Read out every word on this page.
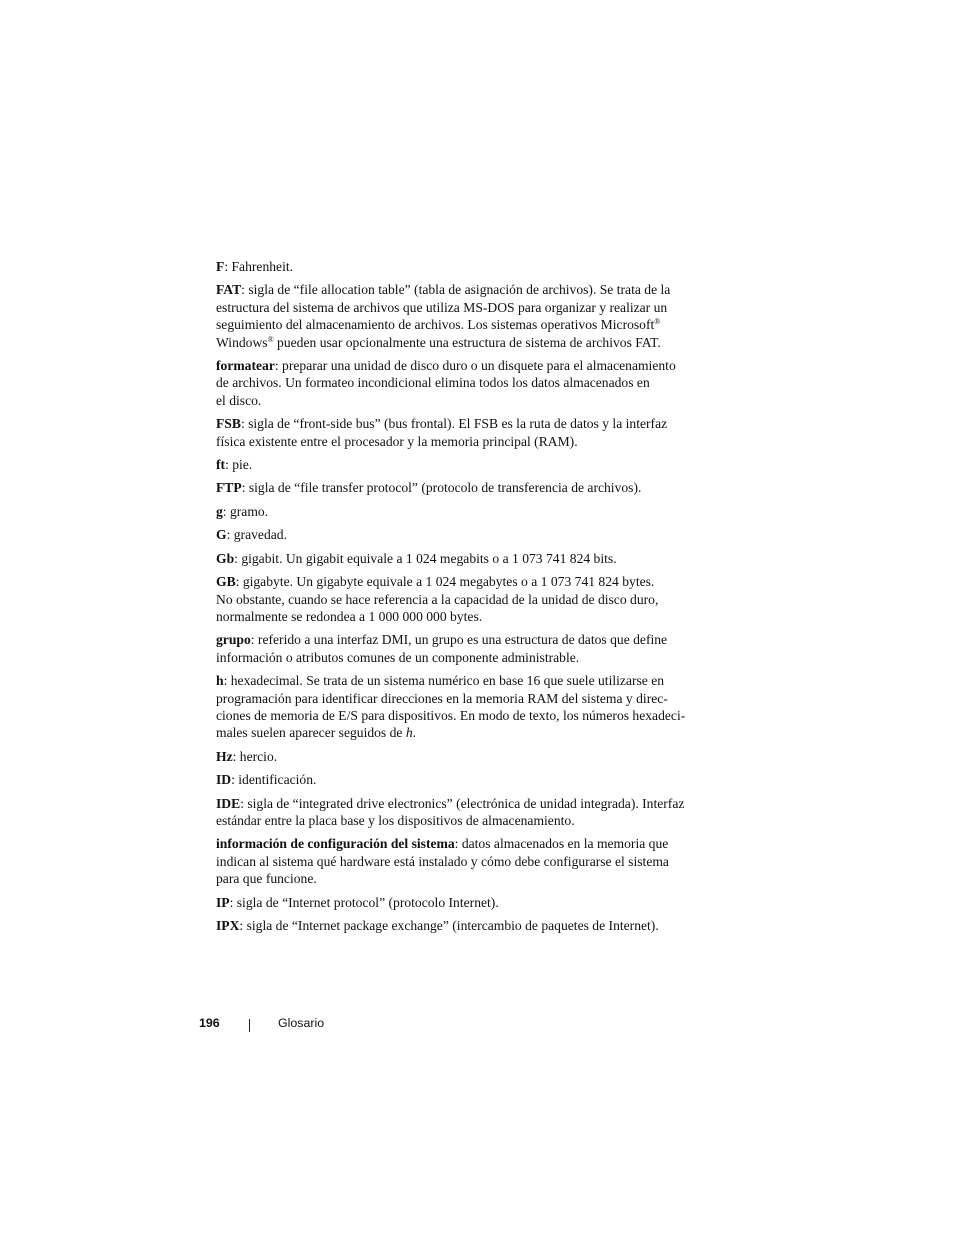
F: Fahrenheit.

FAT: sigla de “file allocation table” (tabla de asignación de archivos). Se trata de la
estructura del sistema de archivos que utiliza MS-DOS para organizar y realizar un
seguimiento del almacenamiento de archivos. Los sistemas operativos Microsoft®
Windows® pueden usar opcionalmente una estructura de sistema de archivos FAT.

formatear: preparar una unidad de disco duro o un disquete para el almacenamiento
de archivos. Un formateo incondicional elimina todos los datos almacenados en
el disco.

FSB: sigla de “front-side bus” (bus frontal). El FSB es la ruta de datos y la interfaz
física existente entre el procesador y la memoria principal (RAM).

ft: pie.

FTP: sigla de “file transfer protocol” (protocolo de transferencia de archivos).

g: gramo.

G: gravedad.

Gb: gigabit. Un gigabit equivale a 1 024 megabits o a 1 073 741 824 bits.

GB: gigabyte. Un gigabyte equivale a 1 024 megabytes o a 1 073 741 824 bytes.
No obstante, cuando se hace referencia a la capacidad de la unidad de disco duro,
normalmente se redondea a 1 000 000 000 bytes.

grupo: referido a una interfaz DMI, un grupo es una estructura de datos que define
información o atributos comunes de un componente administrable.

h: hexadecimal. Se trata de un sistema numérico en base 16 que suele utilizarse en
programación para identificar direcciones en la memoria RAM del sistema y direc-
ciones de memoria de E/S para dispositivos. En modo de texto, los números hexadeci-
males suelen aparecer seguidos de h.

Hz: hercio.

ID: identificación.

IDE: sigla de “integrated drive electronics” (electrónica de unidad integrada). Interfaz
estándar entre la placa base y los dispositivos de almacenamiento.

información de configuración del sistema: datos almacenados en la memoria que
indican al sistema qué hardware está instalado y cómo debe configurarse el sistema
para que funcione.

IP: sigla de “Internet protocol” (protocolo Internet).

IPX: sigla de “Internet package exchange” (intercambio de paquetes de Internet).

196	Glosario
